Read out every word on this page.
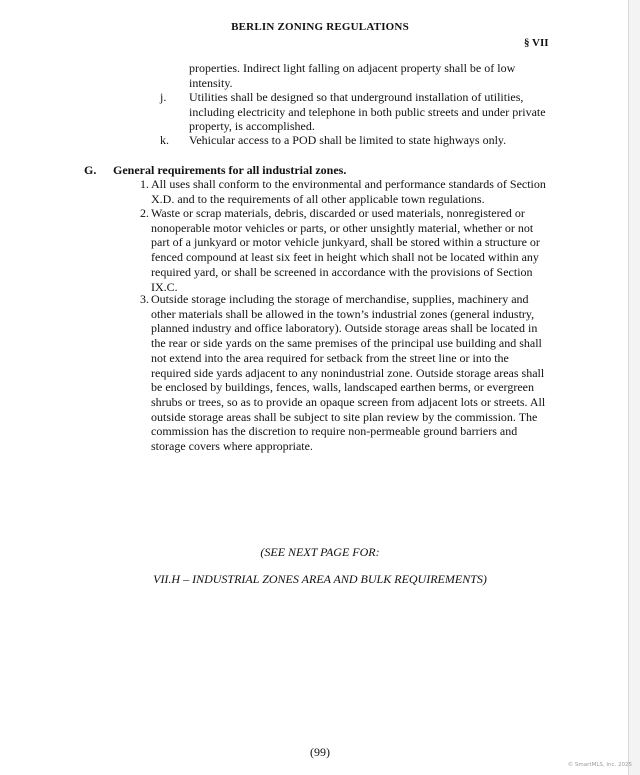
BERLIN ZONING REGULATIONS
§ VII
properties. Indirect light falling on adjacent property shall be of low intensity.
j.	Utilities shall be designed so that underground installation of utilities, including electricity and telephone in both public streets and under private property, is accomplished.
k.	Vehicular access to a POD shall be limited to state highways only.
G. General requirements for all industrial zones.
1. All uses shall conform to the environmental and performance standards of Section X.D. and to the requirements of all other applicable town regulations.
2. Waste or scrap materials, debris, discarded or used materials, nonregistered or nonoperable motor vehicles or parts, or other unsightly material, whether or not part of a junkyard or motor vehicle junkyard, shall be stored within a structure or fenced compound at least six feet in height which shall not be located within any required yard, or shall be screened in accordance with the provisions of Section IX.C.
3. Outside storage including the storage of merchandise, supplies, machinery and other materials shall be allowed in the town’s industrial zones (general industry, planned industry and office laboratory). Outside storage areas shall be located in the rear or side yards on the same premises of the principal use building and shall not extend into the area required for setback from the street line or into the required side yards adjacent to any nonindustrial zone. Outside storage areas shall be enclosed by buildings, fences, walls, landscaped earthen berms, or evergreen shrubs or trees, so as to provide an opaque screen from adjacent lots or streets. All outside storage areas shall be subject to site plan review by the commission. The commission has the discretion to require non-permeable ground barriers and storage covers where appropriate.
(SEE NEXT PAGE FOR:
VII.H – INDUSTRIAL ZONES AREA AND BULK REQUIREMENTS)
(99)
© SmartMLS, Inc. 2025
